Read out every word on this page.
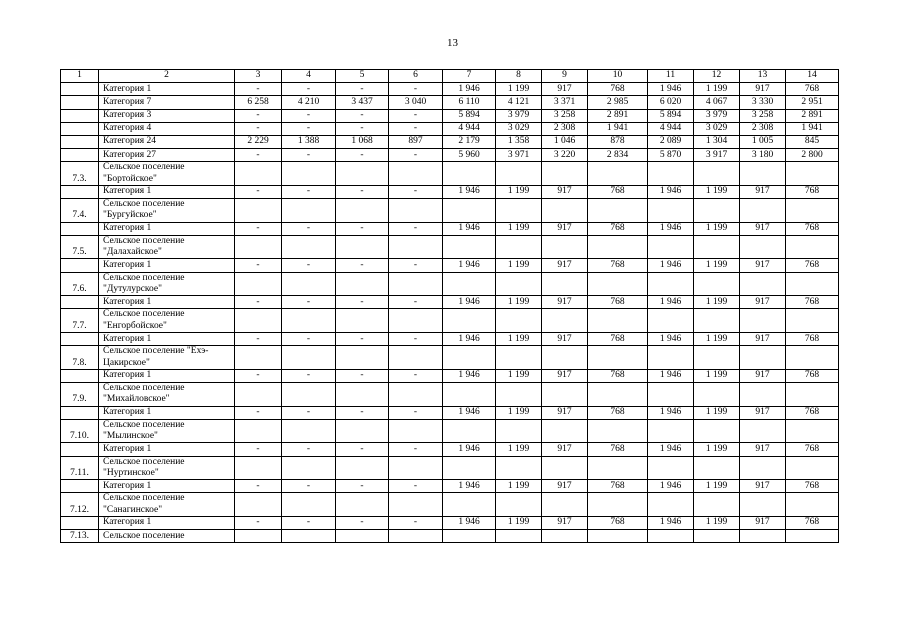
13
1	2	3	4	5	6	7	8	9	10	11	12	13	14
	Категория 1	-	-	-	-	1 946	1 199	917	768	1 946	1 199	917	768
	Категория 7	6 258	4 210	3 437	3 040	6 110	4 121	3 371	2 985	6 020	4 067	3 330	2 951
	Категория 3	-	-	-	-	5 894	3 979	3 258	2 891	5 894	3 979	3 258	2 891
	Категория 4	-	-	-	-	4 944	3 029	2 308	1 941	4 944	3 029	2 308	1 941
	Категория 24	2 229	1 388	1 068	897	2 179	1 358	1 046	878	2 089	1 304	1 005	845
	Категория 27	-	-	-	-	5 960	3 971	3 220	2 834	5 870	3 917	3 180	2 800
7.3.	Сельское поселение
"Бортойское"												

	Категория 1	-	-	-	-	1 946	1 199	917	768	1 946	1 199	917	768
7.4.	Сельское поселение
"Бургуйское"												

	Категория 1	-	-	-	-	1 946	1 199	917	768	1 946	1 199	917	768
7.5.	Сельское поселение
"Далахайское"												

	Категория 1	-	-	-	-	1 946	1 199	917	768	1 946	1 199	917	768
7.6.	Сельское поселение
"Дутулурское"												

	Категория 1	-	-	-	-	1 946	1 199	917	768	1 946	1 199	917	768
7.7.	Сельское поселение
"Енгорбойское"												

	Категория 1	-	-	-	-	1 946	1 199	917	768	1 946	1 199	917	768
7.8.	Сельское поселение "Ехэ-
Цакирское"												

	Категория 1	-	-	-	-	1 946	1 199	917	768	1 946	1 199	917	768
7.9.	Сельское поселение
"Михайловское"												

	Категория 1	-	-	-	-	1 946	1 199	917	768	1 946	1 199	917	768
7.10.	Сельское поселение
"Мылинское"												

	Категория 1	-	-	-	-	1 946	1 199	917	768	1 946	1 199	917	768
7.11.	Сельское поселение
"Нуртинское"												

	Категория 1	-	-	-	-	1 946	1 199	917	768	1 946	1 199	917	768
7.12.	Сельское поселение
"Санагинское"												

	Категория 1	-	-	-	-	1 946	1 199	917	768	1 946	1 199	917	768
7.13.	Сельское поселение												
